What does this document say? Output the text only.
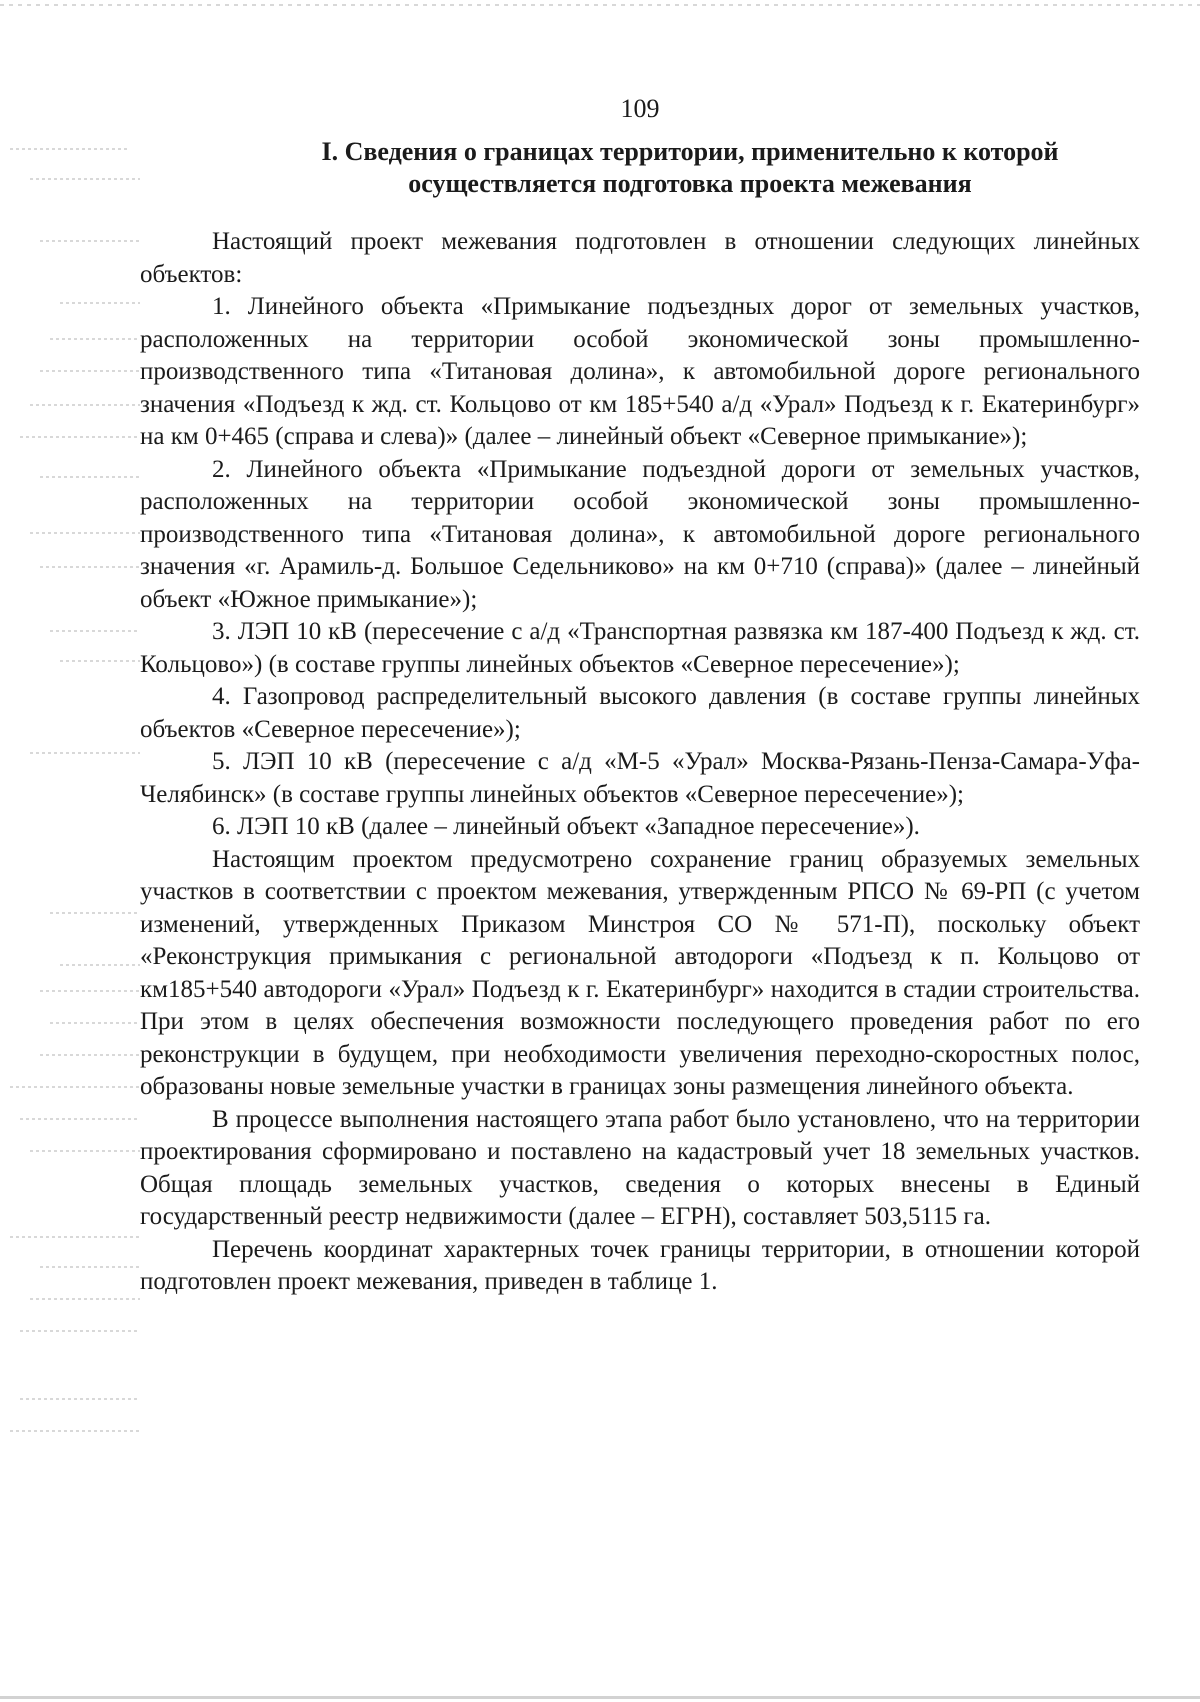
109
I. Сведения о границах территории, применительно к которой осуществляется подготовка проекта межевания

Настоящий проект межевания подготовлен в отношении следующих линейных объектов:

1. Линейного объекта «Примыкание подъездных дорог от земельных участков, расположенных на территории особой экономической зоны промышленно-производственного типа «Титановая долина», к автомобильной дороге регионального значения «Подъезд к жд. ст. Кольцово от км 185+540 а/д «Урал» Подъезд к г. Екатеринбург» на км 0+465 (справа и слева)» (далее – линейный объект «Северное примыкание»);

2. Линейного объекта «Примыкание подъездной дороги от земельных участков, расположенных на территории особой экономической зоны промышленно-производственного типа «Титановая долина», к автомобильной дороге регионального значения «г. Арамиль-д. Большое Седельниково» на км 0+710 (справа)» (далее – линейный объект «Южное примыкание»);

3. ЛЭП 10 кВ (пересечение с а/д «Транспортная развязка км 187-400 Подъезд к жд. ст. Кольцово») (в составе группы линейных объектов «Северное пересечение»);

4. Газопровод распределительный высокого давления (в составе группы линейных объектов «Северное пересечение»);

5. ЛЭП 10 кВ (пересечение с а/д «М-5 «Урал» Москва-Рязань-Пенза-Самара-Уфа-Челябинск» (в составе группы линейных объектов «Северное пересечение»);

6. ЛЭП 10 кВ (далее – линейный объект «Западное пересечение»).

Настоящим проектом предусмотрено сохранение границ образуемых земельных участков в соответствии с проектом межевания, утвержденным РПСО № 69-РП (с учетом изменений, утвержденных Приказом Минстроя СО № 571-П), поскольку объект «Реконструкция примыкания с региональной автодороги «Подъезд к п. Кольцово от км185+540 автодороги «Урал» Подъезд к г. Екатеринбург» находится в стадии строительства. При этом в целях обеспечения возможности последующего проведения работ по его реконструкции в будущем, при необходимости увеличения переходно-скоростных полос, образованы новые земельные участки в границах зоны размещения линейного объекта.

В процессе выполнения настоящего этапа работ было установлено, что на территории проектирования сформировано и поставлено на кадастровый учет 18 земельных участков. Общая площадь земельных участков, сведения о которых внесены в Единый государственный реестр недвижимости (далее – ЕГРН), составляет 503,5115 га.

Перечень координат характерных точек границы территории, в отношении которой подготовлен проект межевания, приведен в таблице 1.
